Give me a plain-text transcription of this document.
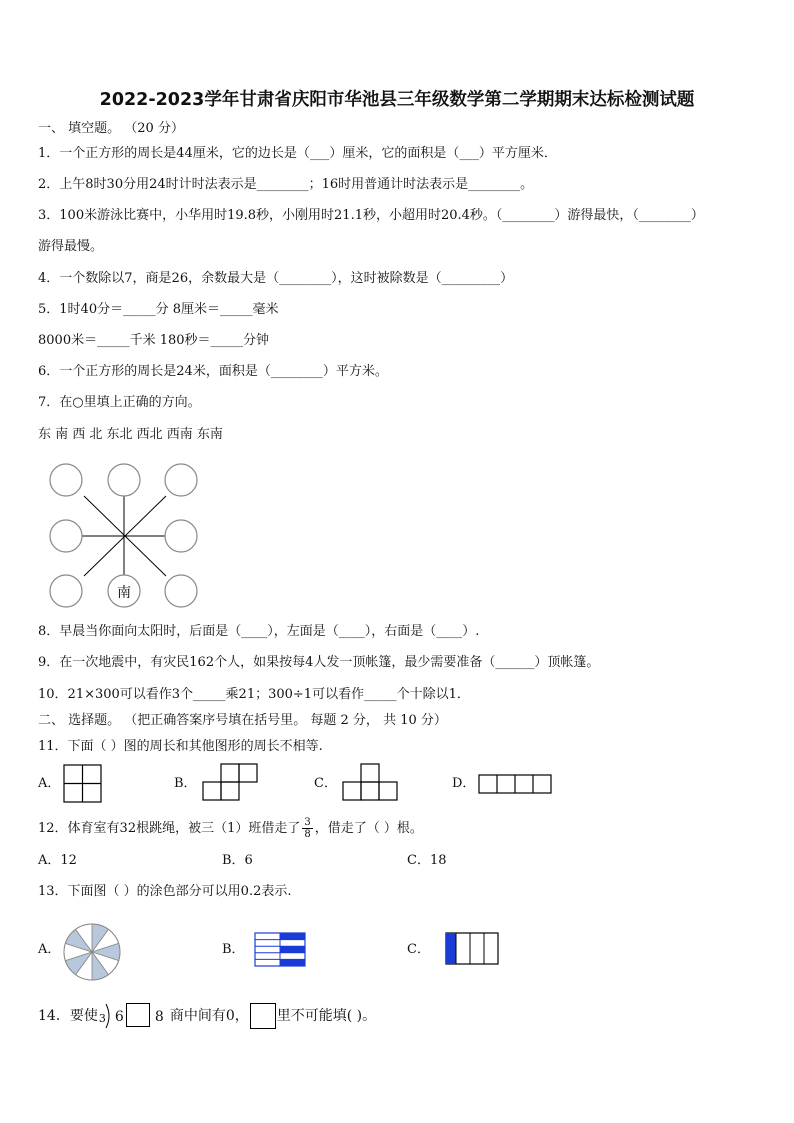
2022-2023学年甘肃省庆阳市华池县三年级数学第二学期期末达标检测试题
一、 填空题。 （20 分）
1．一个正方形的周长是44厘米，它的边长是（___）厘米，它的面积是（___）平方厘米．
2．上午8时30分用24时计时法表示是________；16时用普通计时法表示是________。
3．100米游泳比赛中，小华用时19.8秒，小刚用时21.1秒，小超用时20.4秒。（________）游得最快，（________）
游得最慢。
4．一个数除以7，商是26，余数最大是（________），这时被除数是（_________）
5．1时40分＝_____分 8厘米＝_____毫米
8000米＝_____千米 180秒＝_____分钟
6．一个正方形的周长是24米，面积是（________）平方米。
7．在○里填上正确的方向。
东 南 西 北 东北 西北 西南 东南
南
8．早晨当你面向太阳时，后面是（____），左面是（____），右面是（____）.
9．在一次地震中，有灾民162个人，如果按每4人发一顶帐篷，最少需要准备（______）顶帐篷。
10．21×300可以看作3个_____乘21；300÷1可以看作_____个十除以1．
二、 选择题。 （把正确答案序号填在括号里。 每题 2 分， 共 10 分）
11．下面（ ）图的周长和其他图形的周长不相等.
A．	B．	C．	D．
12．体育室有32根跳绳，被三（1）班借走了 $\frac{3}{8}$ ，借走了（ ）根。
A．12	B．6	C．18
13．下面图（ ）的涂色部分可以用0.2表示.
A．	B．	C．
14．要使 3 6 8 商中间有0， 里不可能填( )。
